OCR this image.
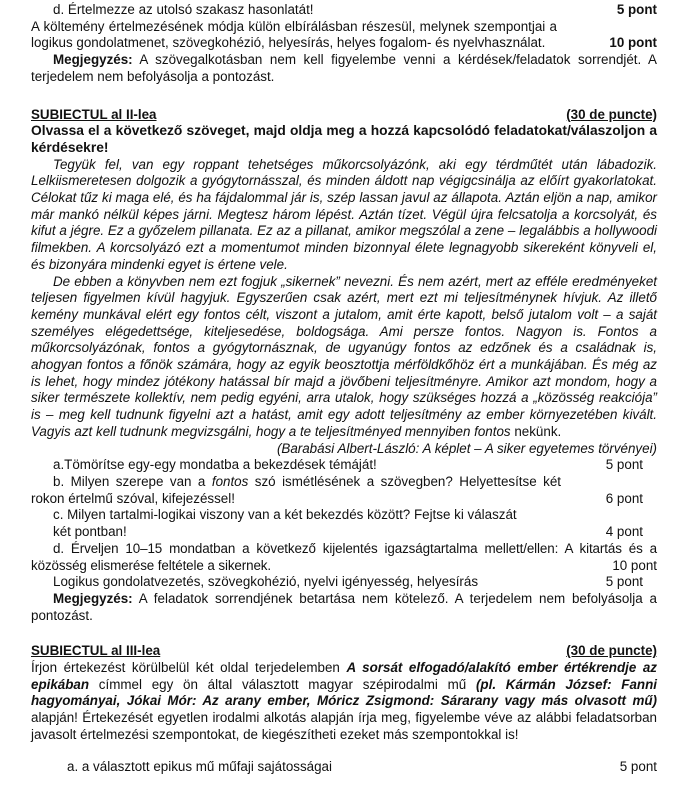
d. Értelmezze az utolsó szakasz hasonlatát!	5 pont

A költemény értelmezésének módja külön elbírálásban részesül, melynek szempontjai a logikus gondolatmenet, szövegkohézió, helyesírás, helyes fogalom- és nyelvhasználat.	10 pont

Megjegyzés: A szövegalkotásban nem kell figyelembe venni a kérdések/feladatok sorrendjét. A terjedelem nem befolyásolja a pontozást.

SUBIECTUL al II-lea	(30 de puncte)

Olvassa el a következő szöveget, majd oldja meg a hozzá kapcsolódó feladatokat/válaszoljon a kérdésekre!

Tegyük fel, van egy roppant tehetséges műkorcsolyázónk, aki egy térdműtét után lábadozik. Lelkiismeretesen dolgozik a gyógytornásszal, és minden áldott nap végigcsinálja az előírt gyakorlatokat. Célokat tűz ki maga elé, és ha fájdalommal jár is, szép lassan javul az állapota. Aztán eljön a nap, amikor már mankó nélkül képes járni. Megtesz három lépést. Aztán tízet. Végül újra felcsatolja a korcsolyát, és kifut a jégre. Ez a győzelem pillanata. Ez az a pillanat, amikor megszólal a zene – legalábbis a hollywoodi filmekben. A korcsolyázó ezt a momentumot minden bizonnyal élete legnagyobb sikereként könyveli el, és bizonyára mindenki egyet is értene vele.

De ebben a könyvben nem ezt fogjuk „sikernek” nevezni. És nem azért, mert az efféle eredményeket teljesen figyelmen kívül hagyjuk. Egyszerűen csak azért, mert ezt mi teljesítménynek hívjuk. Az illető kemény munkával elért egy fontos célt, viszont a jutalom, amit érte kapott, belső jutalom volt – a saját személyes elégedettsége, kiteljesedése, boldogsága. Ami persze fontos. Nagyon is. Fontos a műkorcsolyázónak, fontos a gyógytornásznak, de ugyanúgy fontos az edzőnek és a családnak is, ahogyan fontos a főnök számára, hogy az egyik beosztottja mérföldkőhöz ért a munkájában. És még az is lehet, hogy mindez jótékony hatással bír majd a jövőbeni teljesítményre. Amikor azt mondom, hogy a siker természete kollektív, nem pedig egyéni, arra utalok, hogy szükséges hozzá a „közösség reakciója” is – meg kell tudnunk figyelni azt a hatást, amit egy adott teljesítmény az ember környezetében kivált. Vagyis azt kell tudnunk megvizsgálni, hogy a te teljesítményed mennyiben fontos nekünk.

(Barabási Albert-László: A képlet – A siker egyetemes törvényei)
a.Tömörítse egy-egy mondatba a bekezdések témáját!	5 pont

b. Milyen szerepe van a fontos szó ismétlésének a szövegben? Helyettesítse két rokon értelmű szóval, kifejezéssel!	6 pont
c. Milyen tartalmi-logikai viszony van a két bekezdés között? Fejtse ki válaszát
két pontban!	4 pont

d. Érveljen 10–15 mondatban a következő kijelentés igazságtartalma mellett/ellen: A kitartás és a közösség elismerése feltétele a sikernek.	10 pont
Logikus gondolatvezetés, szövegkohézió, nyelvi igényesség, helyesírás	5 pont

Megjegyzés: A feladatok sorrendjének betartása nem kötelező. A terjedelem nem befolyásolja a pontozást.

SUBIECTUL al III-lea	(30 de puncte)

Írjon értekezést körülbelül két oldal terjedelemben A sorsát elfogadó/alakító ember értékrendje az epikában címmel egy ön által választott magyar szépirodalmi mű (pl. Kármán József: Fanni hagyományai, Jókai Mór: Az arany ember, Móricz Zsigmond: Sárarany vagy más olvasott mű) alapján! Értekezését egyetlen irodalmi alkotás alapján írja meg, figyelembe véve az alábbi feladatsorban javasolt értelmezési szempontokat, de kiegészítheti ezeket más szempontokkal is!

a. a választott epikus mű műfaji sajátosságai	5 pont
